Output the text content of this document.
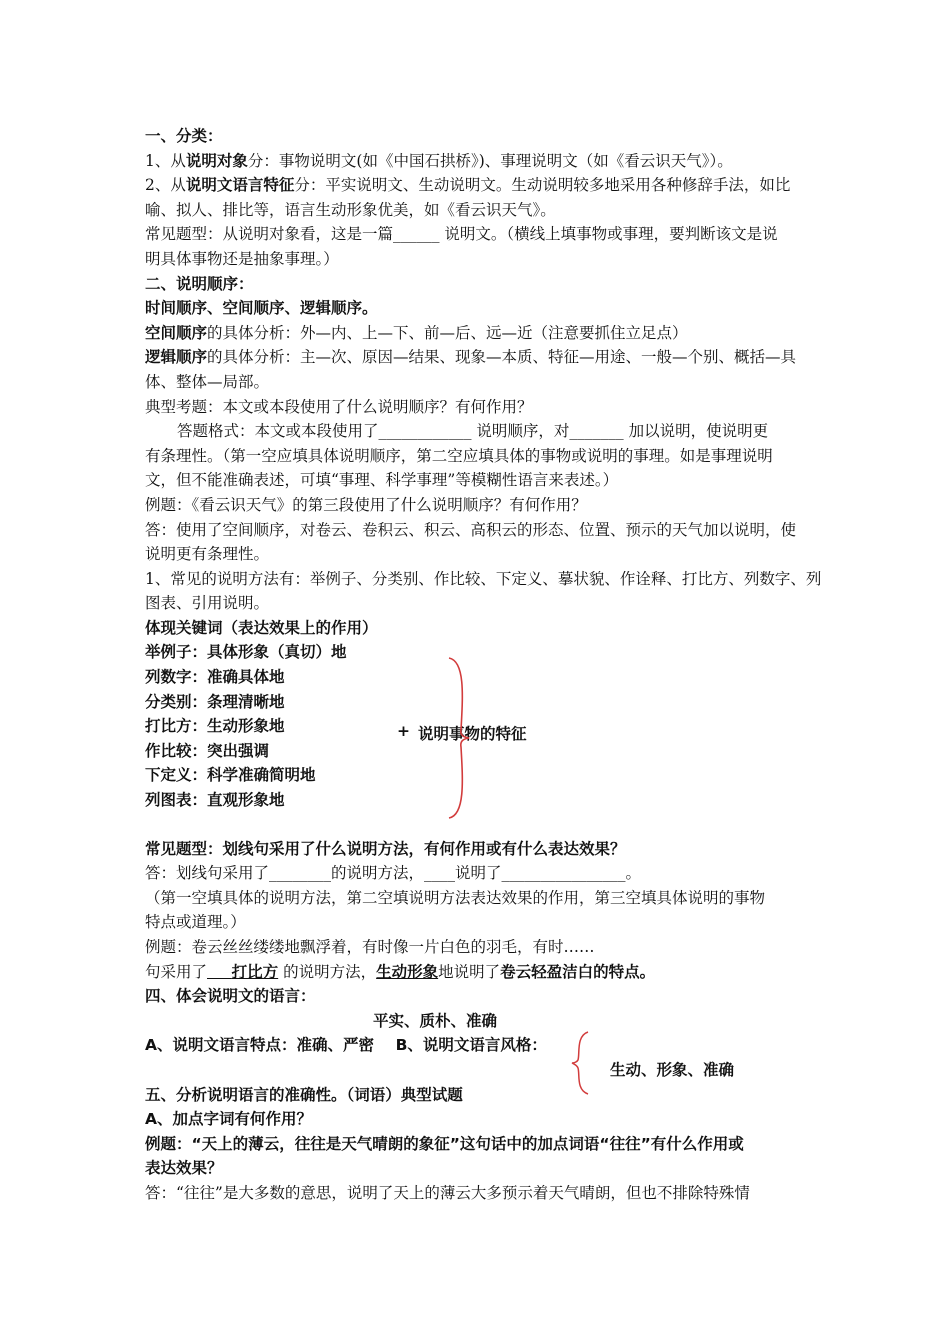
一、分类：
1、从说明对象分：事物说明文(如《中国石拱桥》)、事理说明文（如《看云识天气》）。
2、从说明文语言特征分：平实说明文、生动说明文。生动说明较多地采用各种修辞手法，如比
喻、拟人、排比等，语言生动形象优美，如《看云识天气》。
常见题型：从说明对象看，这是一篇______ 说明文。（横线上填事物或事理，要判断该文是说
明具体事物还是抽象事理。）
二、说明顺序：
时间顺序、空间顺序、逻辑顺序。
空间顺序的具体分析：外—内、上—下、前—后、远—近（注意要抓住立足点）
逻辑顺序的具体分析：主—次、原因—结果、现象—本质、特征—用途、一般—个别、概括—具
体、整体—局部。
典型考题：本文或本段使用了什么说明顺序？有何作用？
答题格式：本文或本段使用了____________ 说明顺序，对_______ 加以说明，使说明更
有条理性。（第一空应填具体说明顺序，第二空应填具体的事物或说明的事理。如是事理说明
文，但不能准确表述，可填“事理、科学事理”等模糊性语言来表述。）
例题：《看云识天气》的第三段使用了什么说明顺序？有何作用？
答：使用了空间顺序，对卷云、卷积云、积云、高积云的形态、位置、预示的天气加以说明，使
说明更有条理性。
1、常见的说明方法有：举例子、分类别、作比较、下定义、摹状貌、作诠释、打比方、列数字、列
图表、引用说明。
体现关键词（表达效果上的作用）
举例子：具体形象（真切）地
列数字：准确具体地
分类别：条理清晰地
打比方：生动形象地
作比较：突出强调
下定义：科学准确简明地
列图表：直观形象地
常见题型：划线句采用了什么说明方法，有何作用或有什么表达效果？
答：划线句采用了________的说明方法，____说明了________________。
（第一空填具体的说明方法，第二空填说明方法表达效果的作用，第三空填具体说明的事物
特点或道理。）
例题：卷云丝丝缕缕地飘浮着，有时像一片白色的羽毛，有时……
句采用了 打比方 的说明方法，生动形象地说明了卷云轻盈洁白的特点。
四、体会说明文的语言：
平实、质朴、准确
A、说明文语言特点：准确、严密    B、说明文语言风格：
生动、形象、准确
五、分析说明语言的准确性。（词语）典型试题
A、加点字词有何作用？
例题：“天上的薄云，往往是天气晴朗的象征”这句话中的加点词语“往往”有什么作用或
表达效果？
答：“往往”是大多数的意思，说明了天上的薄云大多预示着天气晴朗，但也不排除特殊情
+ 说明事物的特征
